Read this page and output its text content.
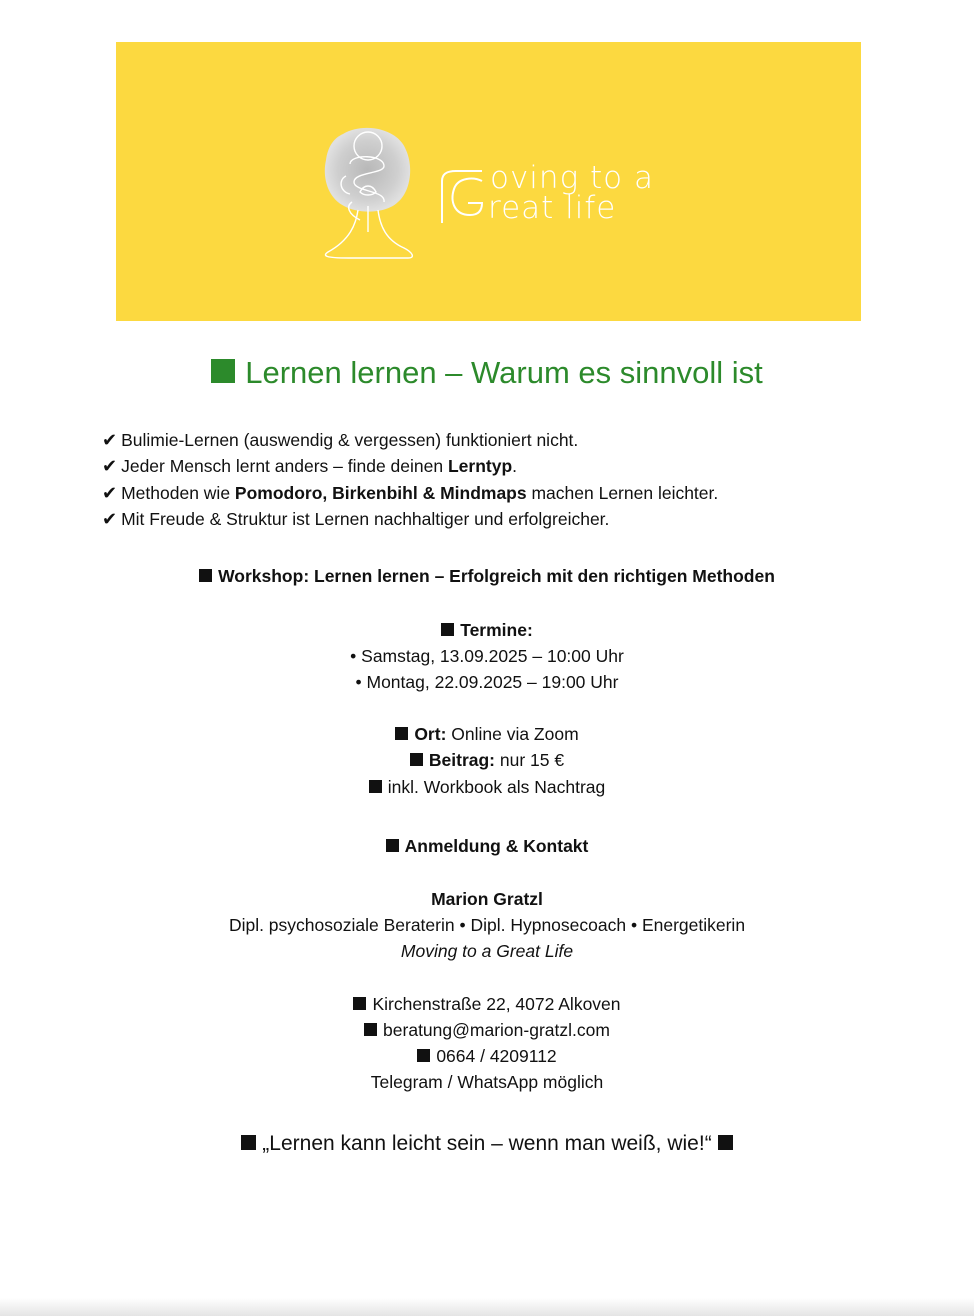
oving to a
reat life
Lernen lernen – Warum es sinnvoll ist
✔ Bulimie-Lernen (auswendig & vergessen) funktioniert nicht.
✔ Jeder Mensch lernt anders – finde deinen Lerntyp.
✔ Methoden wie Pomodoro, Birkenbihl & Mindmaps machen Lernen leichter.
✔ Mit Freude & Struktur ist Lernen nachhaltiger und erfolgreicher.
Workshop: Lernen lernen – Erfolgreich mit den richtigen Methoden
Termine:
• Samstag, 13.09.2025 – 10:00 Uhr
• Montag, 22.09.2025 – 19:00 Uhr
Ort: Online via Zoom
Beitrag: nur 15 €
inkl. Workbook als Nachtrag
Anmeldung & Kontakt
Marion Gratzl
Dipl. psychosoziale Beraterin • Dipl. Hypnosecoach • Energetikerin
Moving to a Great Life
Kirchenstraße 22, 4072 Alkoven
beratung@marion-gratzl.com
0664 / 4209112
Telegram / WhatsApp möglich
„Lernen kann leicht sein – wenn man weiß, wie!“
